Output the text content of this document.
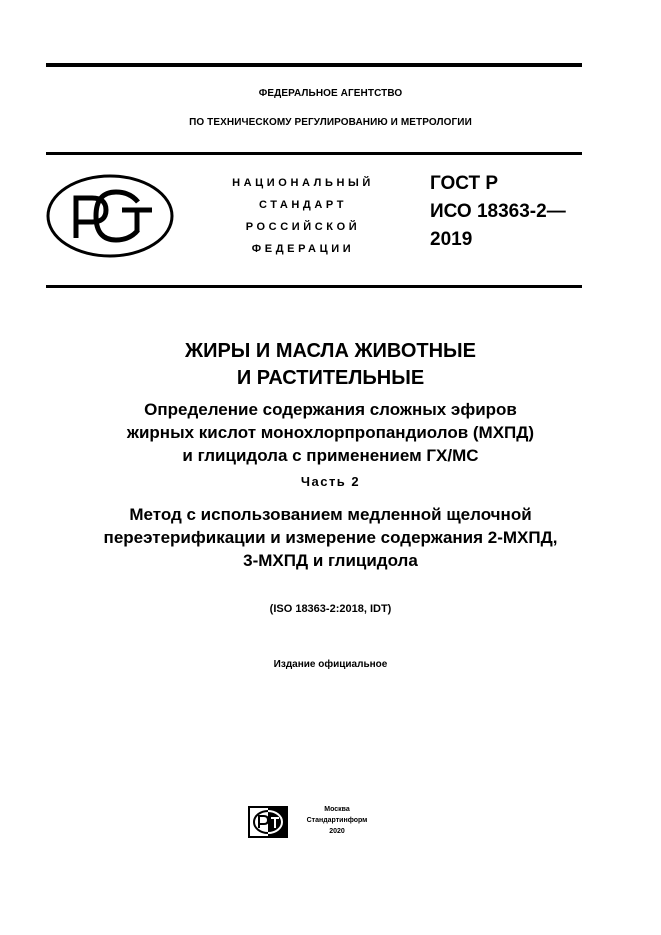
ФЕДЕРАЛЬНОЕ АГЕНТСТВО
ПО ТЕХНИЧЕСКОМУ РЕГУЛИРОВАНИЮ И МЕТРОЛОГИИ
НАЦИОНАЛЬНЫЙ
СТАНДАРТ
РОССИЙСКОЙ
ФЕДЕРАЦИИ
ГОСТ Р
ИСО 18363-2—
2019
ЖИРЫ И МАСЛА ЖИВОТНЫЕ
И РАСТИТЕЛЬНЫЕ
Определение содержания сложных эфиров
жирных кислот монохлорпропандиолов (МХПД)
и глицидола с применением ГХ/МС
Часть 2
Метод с использованием медленной щелочной
переэтерификации и измерение содержания 2-МХПД,
3-МХПД и глицидола
(ISO 18363-2:2018, IDT)
Издание официальное
Москва
Стандартинформ
2020
